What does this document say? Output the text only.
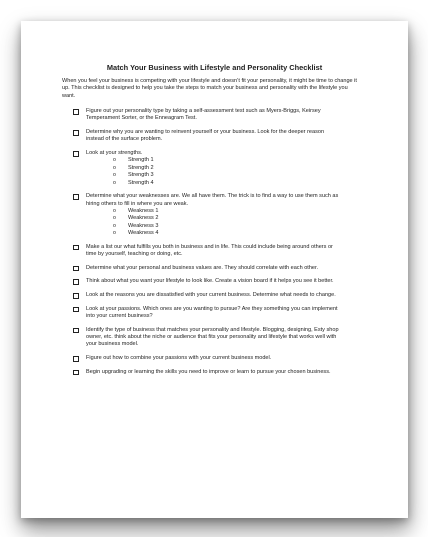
Match Your Business with Lifestyle and Personality Checklist

When you feel your business is competing with your lifestyle and doesn’t fit your personality, it might be time to change it up. This checklist is designed to help you take the steps to match your business and personality with the lifestyle you want.

Figure out your personality type by taking a self-assessment test such as Myers-Briggs, Keirsey Temperament Sorter, or the Enneagram Test.
Determine why you are wanting to reinvent yourself or your business. Look for the deeper reason instead of the surface problem.
Look at your strengths.
o Strength 1
o Strength 2
o Strength 3
o Strength 4
Determine what your weaknesses are. We all have them. The trick is to find a way to use them such as hiring others to fill in where you are weak.
o Weakness 1
o Weakness 2
o Weakness 3
o Weakness 4
Make a list our what fulfills you both in business and in life. This could include being around others or time by yourself, teaching or doing, etc.
Determine what your personal and business values are. They should correlate with each other.
Think about what you want your lifestyle to look like. Create a vision board if it helps you see it better.
Look at the reasons you are dissatisfied with your current business. Determine what needs to change.
Look at your passions. Which ones are you wanting to pursue? Are they something you can implement into your current business?
Identify the type of business that matches your personality and lifestyle. Blogging, designing, Esty shop owner, etc. think about the niche or audience that fits your personality and lifestyle that works well with your business model.
Figure out how to combine your passions with your current business model.
Begin upgrading or learning the skills you need to improve or learn to pursue your chosen business.
